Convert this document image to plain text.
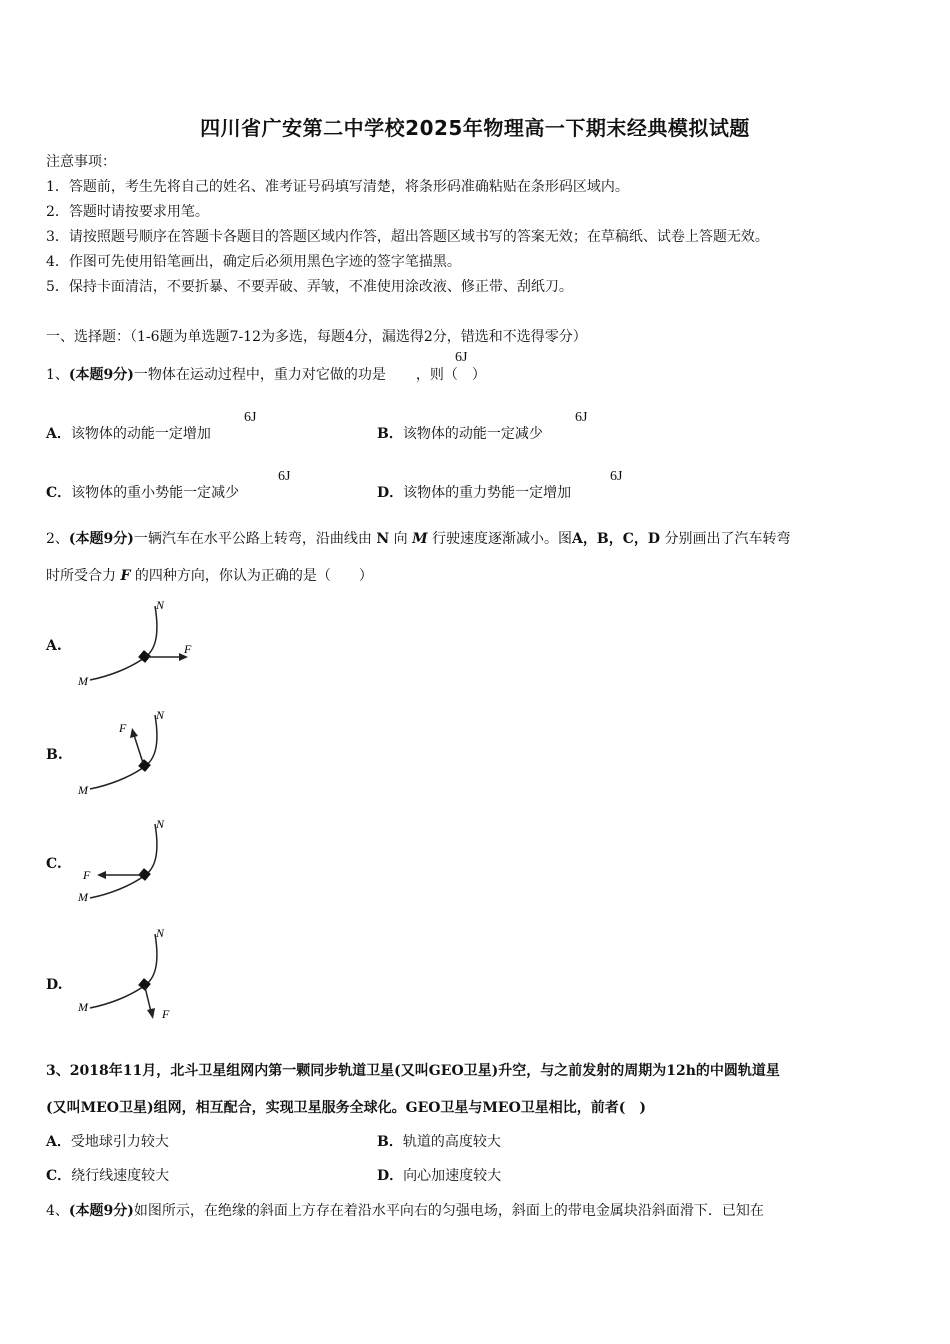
四川省广安第二中学校2025年物理高一下期末经典模拟试题
注意事项：
1．答题前，考生先将自己的姓名、准考证号码填写清楚，将条形码准确粘贴在条形码区域内。
2．答题时请按要求用笔。
3．请按照题号顺序在答题卡各题目的答题区域内作答，超出答题区域书写的答案无效；在草稿纸、试卷上答题无效。
4．作图可先使用铅笔画出，确定后必须用黑色字迹的签字笔描黑。
5．保持卡面清洁，不要折暴、不要弄破、弄皱，不准使用涂改液、修正带、刮纸刀。
一、选择题：（1-6题为单选题7-12为多选，每题4分，漏选得2分，错选和不选得零分）
1、(本题9分)一物体在运动过程中，重力对它做的功是 ，则（　）
6J
A．该物体的动能一定增加
6J
B．该物体的动能一定减少
6J
C．该物体的重小势能一定减少
6J
D．该物体的重力势能一定增加
6J
2、(本题9分)一辆汽车在水平公路上转弯，沿曲线由 N 向 M 行驶速度逐渐减小。图A，B，C，D 分别画出了汽车转弯
时所受合力 F 的四种方向，你认为正确的是（　　）
A.
N
M
F
B.
N
M
F
C.
N
M
F
D.
N
M	F
3、2018年11月，北斗卫星组网内第一颗同步轨道卫星(又叫GEO卫星)升空，与之前发射的周期为12h的中圆轨道星
(又叫MEO卫星)组网，相互配合，实现卫星服务全球化。GEO卫星与MEO卫星相比，前者(　)
A．受地球引力较大	B．轨道的高度较大
C．绕行线速度较大	D．向心加速度较大
4、(本题9分)如图所示，在绝缘的斜面上方存在着沿水平向右的匀强电场，斜面上的带电金属块沿斜面滑下．已知在
